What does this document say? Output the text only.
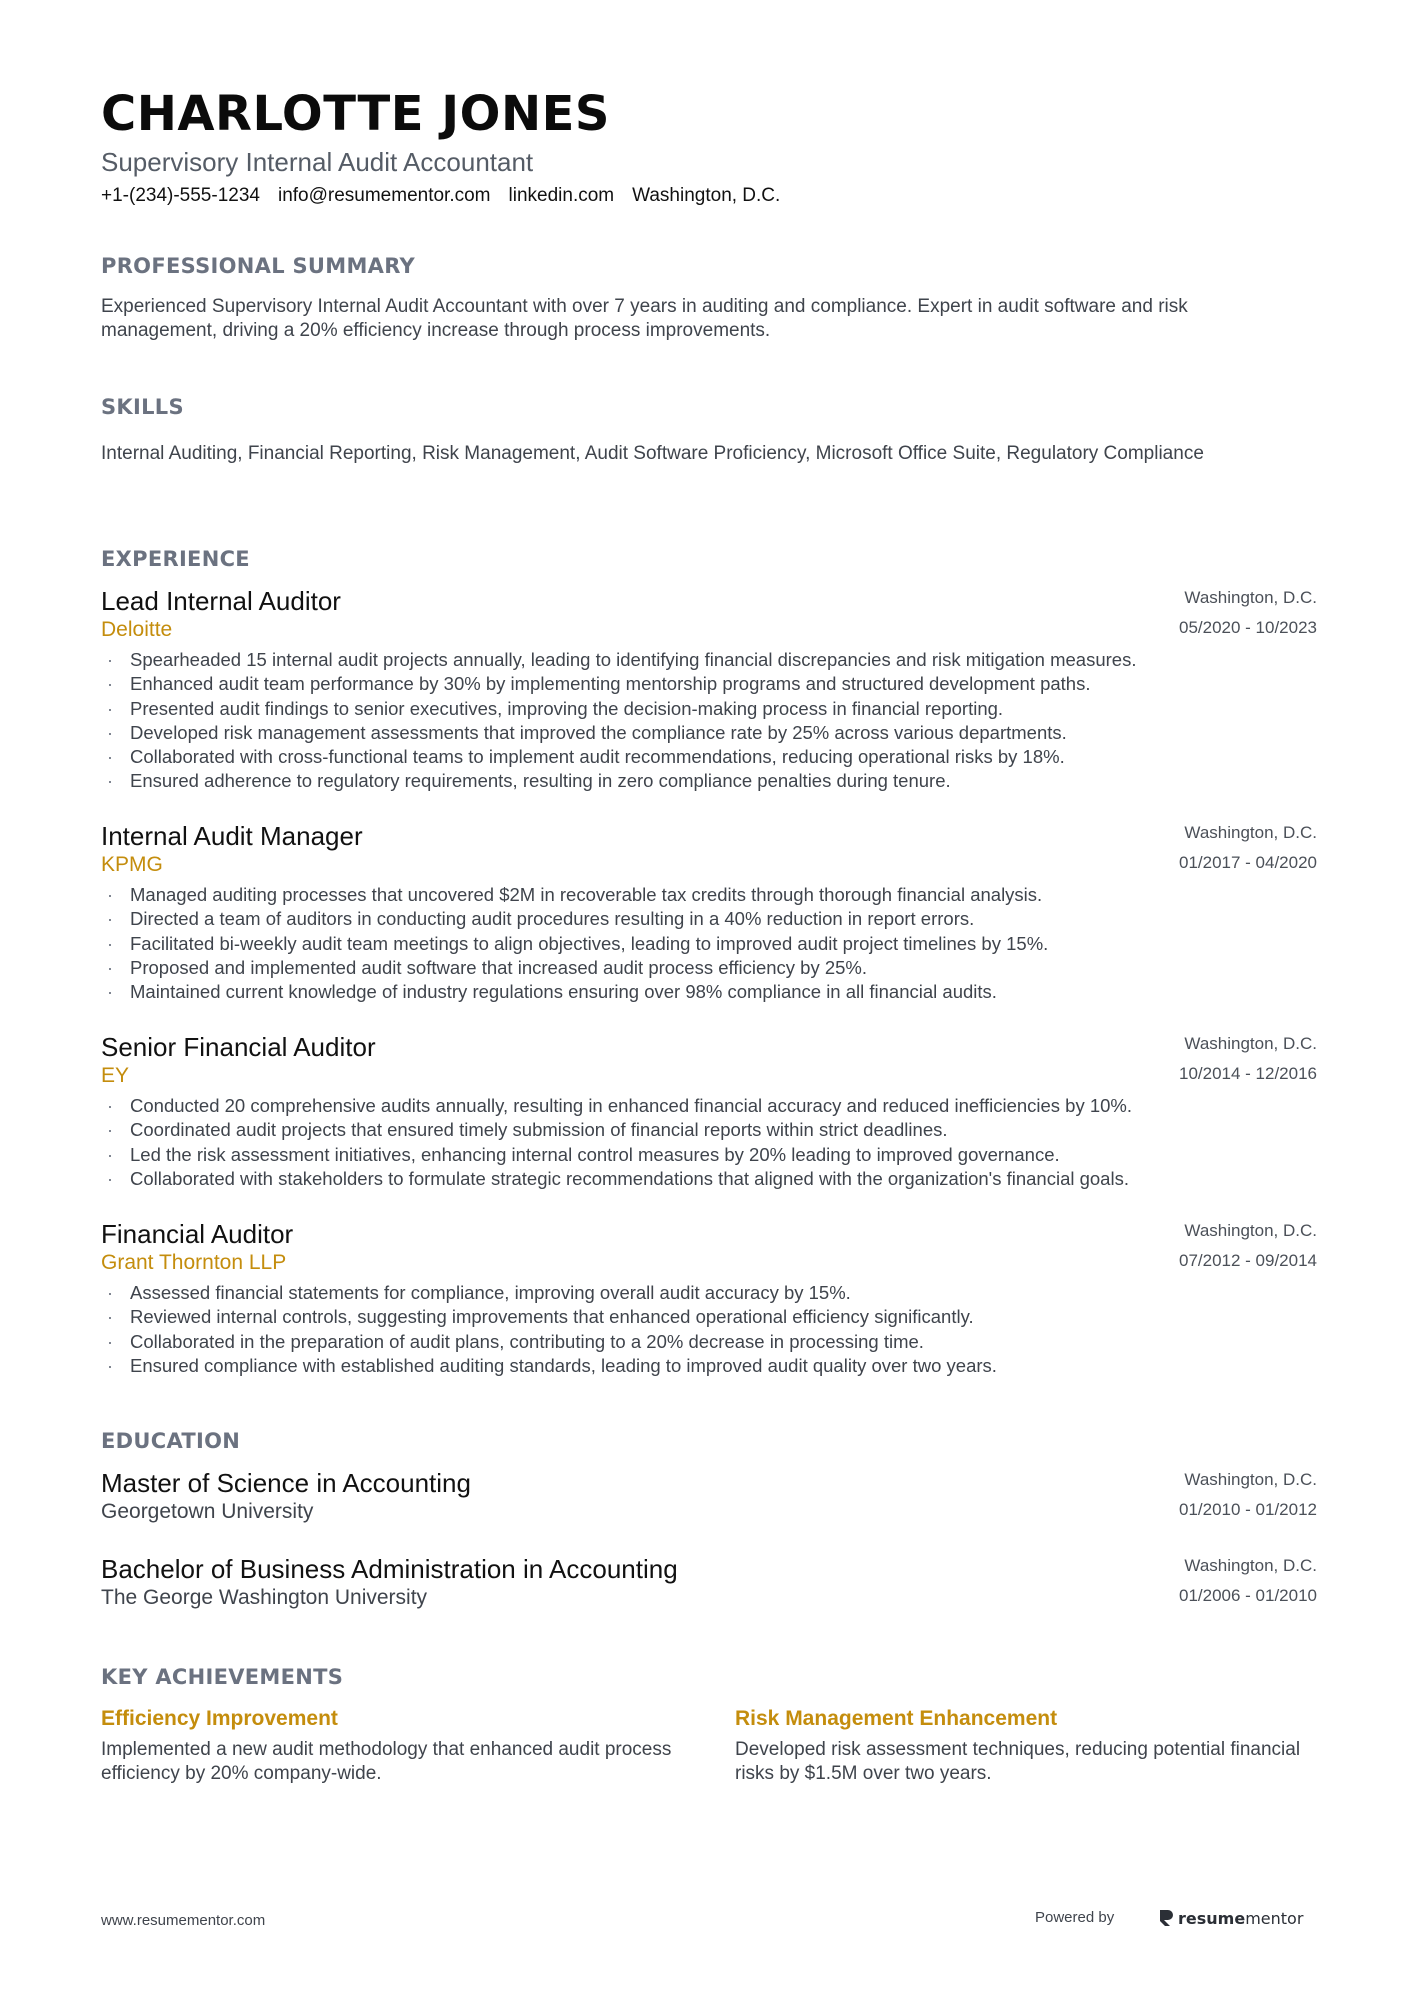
CHARLOTTE JONES
Supervisory Internal Audit Accountant
+1-(234)-555-1234 info@resumementor.com linkedin.com Washington, D.C.
PROFESSIONAL SUMMARY
Experienced Supervisory Internal Audit Accountant with over 7 years in auditing and compliance. Expert in audit software and risk management, driving a 20% efficiency increase through process improvements.
SKILLS
Internal Auditing, Financial Reporting, Risk Management, Audit Software Proficiency, Microsoft Office Suite, Regulatory Compliance
EXPERIENCE
Lead Internal Auditor
Deloitte
Washington, D.C.
05/2020 - 10/2023
· Spearheaded 15 internal audit projects annually, leading to identifying financial discrepancies and risk mitigation measures.
· Enhanced audit team performance by 30% by implementing mentorship programs and structured development paths.
· Presented audit findings to senior executives, improving the decision-making process in financial reporting.
· Developed risk management assessments that improved the compliance rate by 25% across various departments.
· Collaborated with cross-functional teams to implement audit recommendations, reducing operational risks by 18%.
· Ensured adherence to regulatory requirements, resulting in zero compliance penalties during tenure.
Internal Audit Manager
KPMG
Washington, D.C.
01/2017 - 04/2020
· Managed auditing processes that uncovered $2M in recoverable tax credits through thorough financial analysis.
· Directed a team of auditors in conducting audit procedures resulting in a 40% reduction in report errors.
· Facilitated bi-weekly audit team meetings to align objectives, leading to improved audit project timelines by 15%.
· Proposed and implemented audit software that increased audit process efficiency by 25%.
· Maintained current knowledge of industry regulations ensuring over 98% compliance in all financial audits.
Senior Financial Auditor
EY
Washington, D.C.
10/2014 - 12/2016
· Conducted 20 comprehensive audits annually, resulting in enhanced financial accuracy and reduced inefficiencies by 10%.
· Coordinated audit projects that ensured timely submission of financial reports within strict deadlines.
· Led the risk assessment initiatives, enhancing internal control measures by 20% leading to improved governance.
· Collaborated with stakeholders to formulate strategic recommendations that aligned with the organization's financial goals.
Financial Auditor
Grant Thornton LLP
Washington, D.C.
07/2012 - 09/2014
· Assessed financial statements for compliance, improving overall audit accuracy by 15%.
· Reviewed internal controls, suggesting improvements that enhanced operational efficiency significantly.
· Collaborated in the preparation of audit plans, contributing to a 20% decrease in processing time.
· Ensured compliance with established auditing standards, leading to improved audit quality over two years.
EDUCATION
Master of Science in Accounting
Georgetown University
Washington, D.C.
01/2010 - 01/2012
Bachelor of Business Administration in Accounting
The George Washington University
Washington, D.C.
01/2006 - 01/2010
KEY ACHIEVEMENTS
Efficiency Improvement
Implemented a new audit methodology that enhanced audit process efficiency by 20% company-wide.
Risk Management Enhancement
Developed risk assessment techniques, reducing potential financial risks by $1.5M over two years.
www.resumementor.com	Powered by	resume mentor
